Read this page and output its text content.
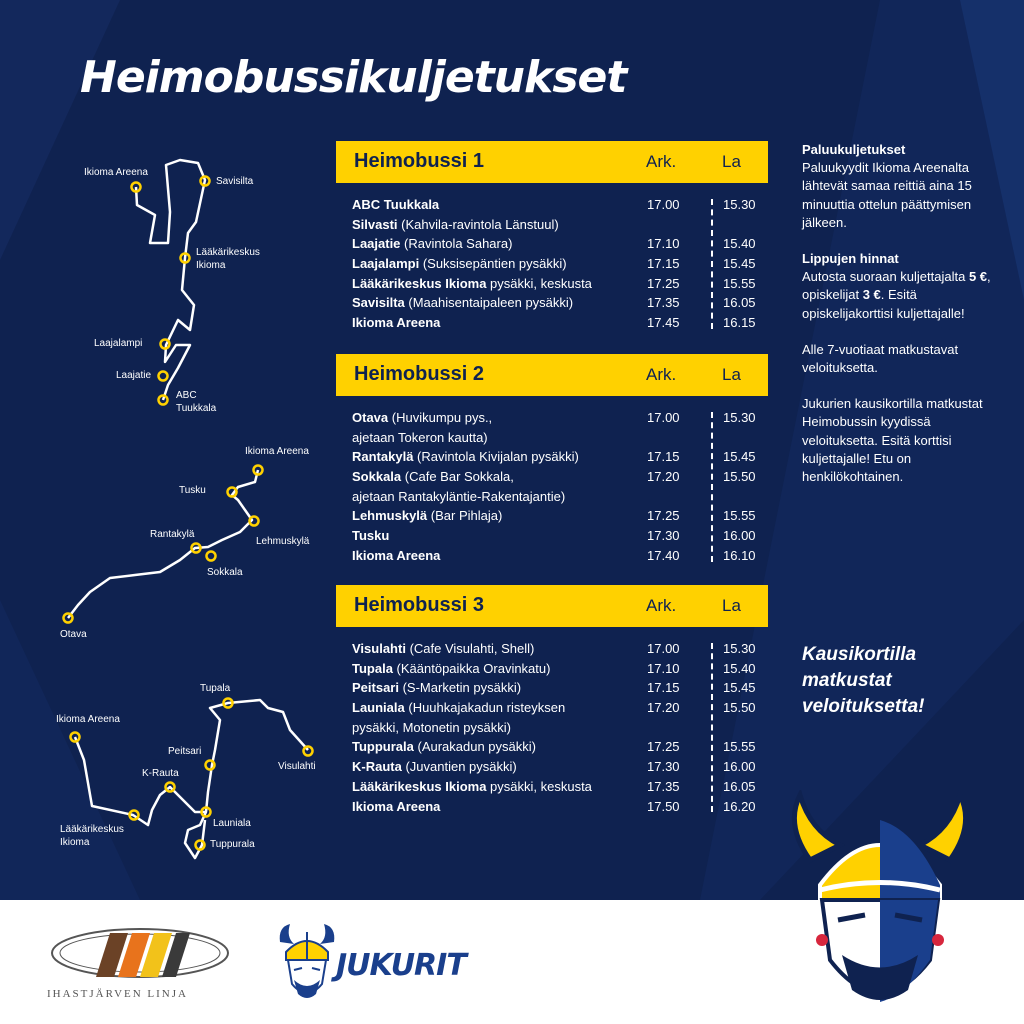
Heimobussikuljetukset
Ikioma Areena
Savisilta
Lääkärikeskus
Ikioma
Laajalampi
Laajatie
ABC
Tuukkala
Ikioma Areena
Tusku
Rantakylä
Lehmuskylä
Sokkala
Otava
Tupala
Ikioma Areena
Peitsari
Visulahti
K-Rauta
Lääkärikeskus
Ikioma
Launiala
Tuppurala
Heimobussi 1	Ark.	La
ABC Tuukkala	17.00	15.30
Silvasti (Kahvila-ravintola Länstuul)
Laajatie (Ravintola Sahara)	17.10	15.40
Laajalampi (Suksisepäntien pysäkki)	17.15	15.45
Lääkärikeskus Ikioma pysäkki, keskusta	17.25	15.55
Savisilta (Maahisentaipaleen pysäkki)	17.35	16.05
Ikioma Areena	17.45	16.15
Heimobussi 2	Ark.	La
Otava (Huvikumpu pys.,	17.00	15.30
ajetaan Tokeron kautta)
Rantakylä (Ravintola Kivijalan pysäkki)	17.15	15.45
Sokkala (Cafe Bar Sokkala,	17.20	15.50
ajetaan Rantakyläntie-Rakentajantie)
Lehmuskylä (Bar Pihlaja)	17.25	15.55
Tusku	17.30	16.00
Ikioma Areena	17.40	16.10
Heimobussi 3	Ark.	La
Visulahti (Cafe Visulahti, Shell)	17.00	15.30
Tupala (Kääntöpaikka Oravinkatu)	17.10	15.40
Peitsari (S-Marketin pysäkki)	17.15	15.45
Launiala (Huuhkajakadun risteyksen	17.20	15.50
pysäkki, Motonetin pysäkki)
Tuppurala (Aurakadun pysäkki)	17.25	15.55
K-Rauta (Juvantien pysäkki)	17.30	16.00
Lääkärikeskus Ikioma pysäkki, keskusta	17.35	16.05
Ikioma Areena	17.50	16.20

Paluukuljetukset
Paluukyydit Ikioma Areenalta lähtevät samaa reittiä aina 15 minuuttia ottelun päättymisen jälkeen.

Lippujen hinnat
Autosta suoraan kuljettajalta 5 €, opiskelijat 3 €. Esitä opiskelijakorttisi kuljettajalle!

Alle 7-vuotiaat matkustavat veloituksetta.

Jukurien kausikortilla matkustat Heimobussin kyydissä veloituksetta. Esitä korttisi kuljettajalle! Etu on henkilökohtainen.

Kausikortilla matkustat veloituksetta!
IHASTJÄRVEN LINJA
JUKURIT
